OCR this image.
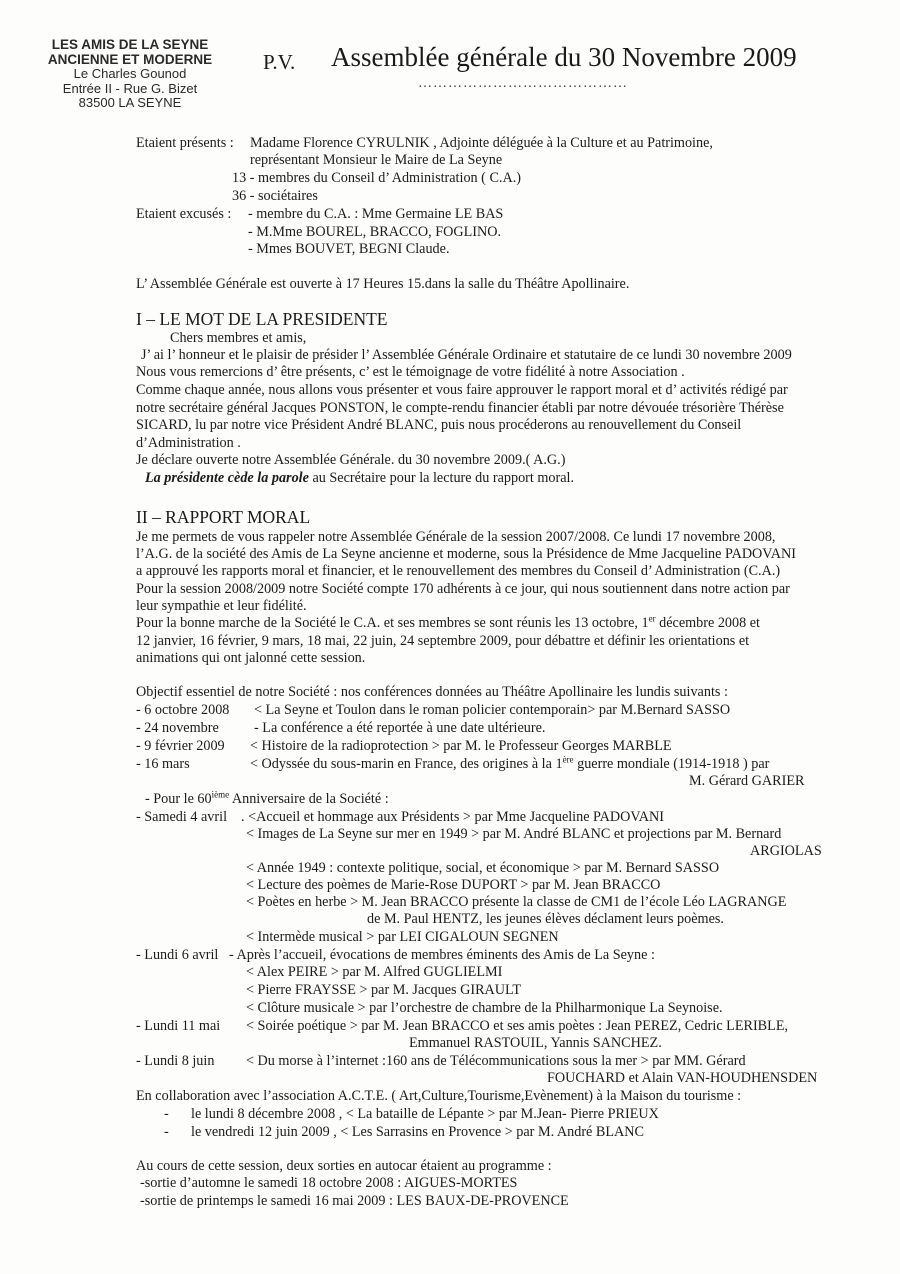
LES AMIS DE LA SEYNE
ANCIENNE ET MODERNE
Le Charles Gounod
Entrée II - Rue G. Bizet
83500 LA SEYNE
P.V. Assemblée générale du 30 Novembre 2009
……………………………………
Etaient présents : Madame Florence CYRULNIK , Adjointe déléguée à la Culture et au Patrimoine,
représentant Monsieur le Maire de La Seyne
13 - membres du Conseil d’ Administration ( C.A.)
36 - sociétaires
Etaient excusés : - membre du C.A. : Mme Germaine LE BAS
- M.Mme BOUREL, BRACCO, FOGLINO.
- Mmes BOUVET, BEGNI Claude.
L’ Assemblée Générale est ouverte à 17 Heures 15.dans la salle du Théâtre Apollinaire.
I – LE MOT DE LA PRESIDENTE
Chers membres et amis,
J’ ai l’ honneur et le plaisir de présider l’ Assemblée Générale Ordinaire et statutaire de ce lundi 30 novembre 2009
Nous vous remercions d’ être présents, c’ est le témoignage de votre fidélité à notre Association .
Comme chaque année, nous allons vous présenter et vous faire approuver le rapport moral et d’ activités rédigé par
notre secrétaire général Jacques PONSTON, le compte-rendu financier établi par notre dévouée trésorière Thérèse
SICARD, lu par notre vice Président André BLANC, puis nous procéderons au renouvellement du Conseil
d’Administration .
Je déclare ouverte notre Assemblée Générale. du 30 novembre 2009.( A.G.)
La présidente cède la parole au Secrétaire pour la lecture du rapport moral.
II – RAPPORT MORAL
Je me permets de vous rappeler notre Assemblée Générale de la session 2007/2008. Ce lundi 17 novembre 2008,
l’A.G. de la société des Amis de La Seyne ancienne et moderne, sous la Présidence de Mme Jacqueline PADOVANI
a approuvé les rapports moral et financier, et le renouvellement des membres du Conseil d’ Administration (C.A.)
Pour la session 2008/2009 notre Société compte 170 adhérents à ce jour, qui nous soutiennent dans notre action par
leur sympathie et leur fidélité.
Pour la bonne marche de la Société le C.A. et ses membres se sont réunis les 13 octobre, 1er décembre 2008 et
12 janvier, 16 février, 9 mars, 18 mai, 22 juin, 24 septembre 2009, pour débattre et définir les orientations et
animations qui ont jalonné cette session.
Objectif essentiel de notre Société : nos conférences données au Théâtre Apollinaire les lundis suivants :
- 6 octobre 2008 < La Seyne et Toulon dans le roman policier contemporain> par M.Bernard SASSO
- 24 novembre - La conférence a été reportée à une date ultérieure.
- 9 février 2009 < Histoire de la radioprotection > par M. le Professeur Georges MARBLE
- 16 mars	< Odyssée du sous-marin en France, des origines à la 1ère guerre mondiale (1914-1918 ) par
M. Gérard GARIER
- Pour le 60ième Anniversaire de la Société :
- Samedi 4 avril . <Accueil et hommage aux Présidents > par Mme Jacqueline PADOVANI
< Images de La Seyne sur mer en 1949 > par M. André BLANC et projections par M. Bernard
ARGIOLAS
< Année 1949 : contexte politique, social, et économique > par M. Bernard SASSO
< Lecture des poèmes de Marie-Rose DUPORT > par M. Jean BRACCO
< Poètes en herbe > M. Jean BRACCO présente la classe de CM1 de l’école Léo LAGRANGE
de M. Paul HENTZ, les jeunes élèves déclament leurs poèmes.
< Intermède musical > par LEI CIGALOUN SEGNEN
- Lundi 6 avril - Après l’accueil, évocations de membres éminents des Amis de La Seyne :
< Alex PEIRE > par M. Alfred GUGLIELMI
< Pierre FRAYSSE > par M. Jacques GIRAULT
< Clôture musicale > par l’orchestre de chambre de la Philharmonique La Seynoise.
- Lundi 11 mai < Soirée poétique > par M. Jean BRACCO et ses amis poètes : Jean PEREZ, Cedric LERIBLE,
Emmanuel RASTOUIL, Yannis SANCHEZ.
- Lundi 8 juin < Du morse à l’internet :160 ans de Télécommunications sous la mer > par MM. Gérard
FOUCHARD et Alain VAN-HOUDHENSDEN
En collaboration avec l’association A.C.T.E. ( Art,Culture,Tourisme,Evènement) à la Maison du tourisme :
- le lundi 8 décembre 2008 , < La bataille de Lépante > par M.Jean- Pierre PRIEUX
- le vendredi 12 juin 2009 , < Les Sarrasins en Provence > par M. André BLANC
Au cours de cette session, deux sorties en autocar étaient au programme :
-sortie d’automne le samedi 18 octobre 2008 : AIGUES-MORTES
-sortie de printemps le samedi 16 mai 2009 : LES BAUX-DE-PROVENCE
